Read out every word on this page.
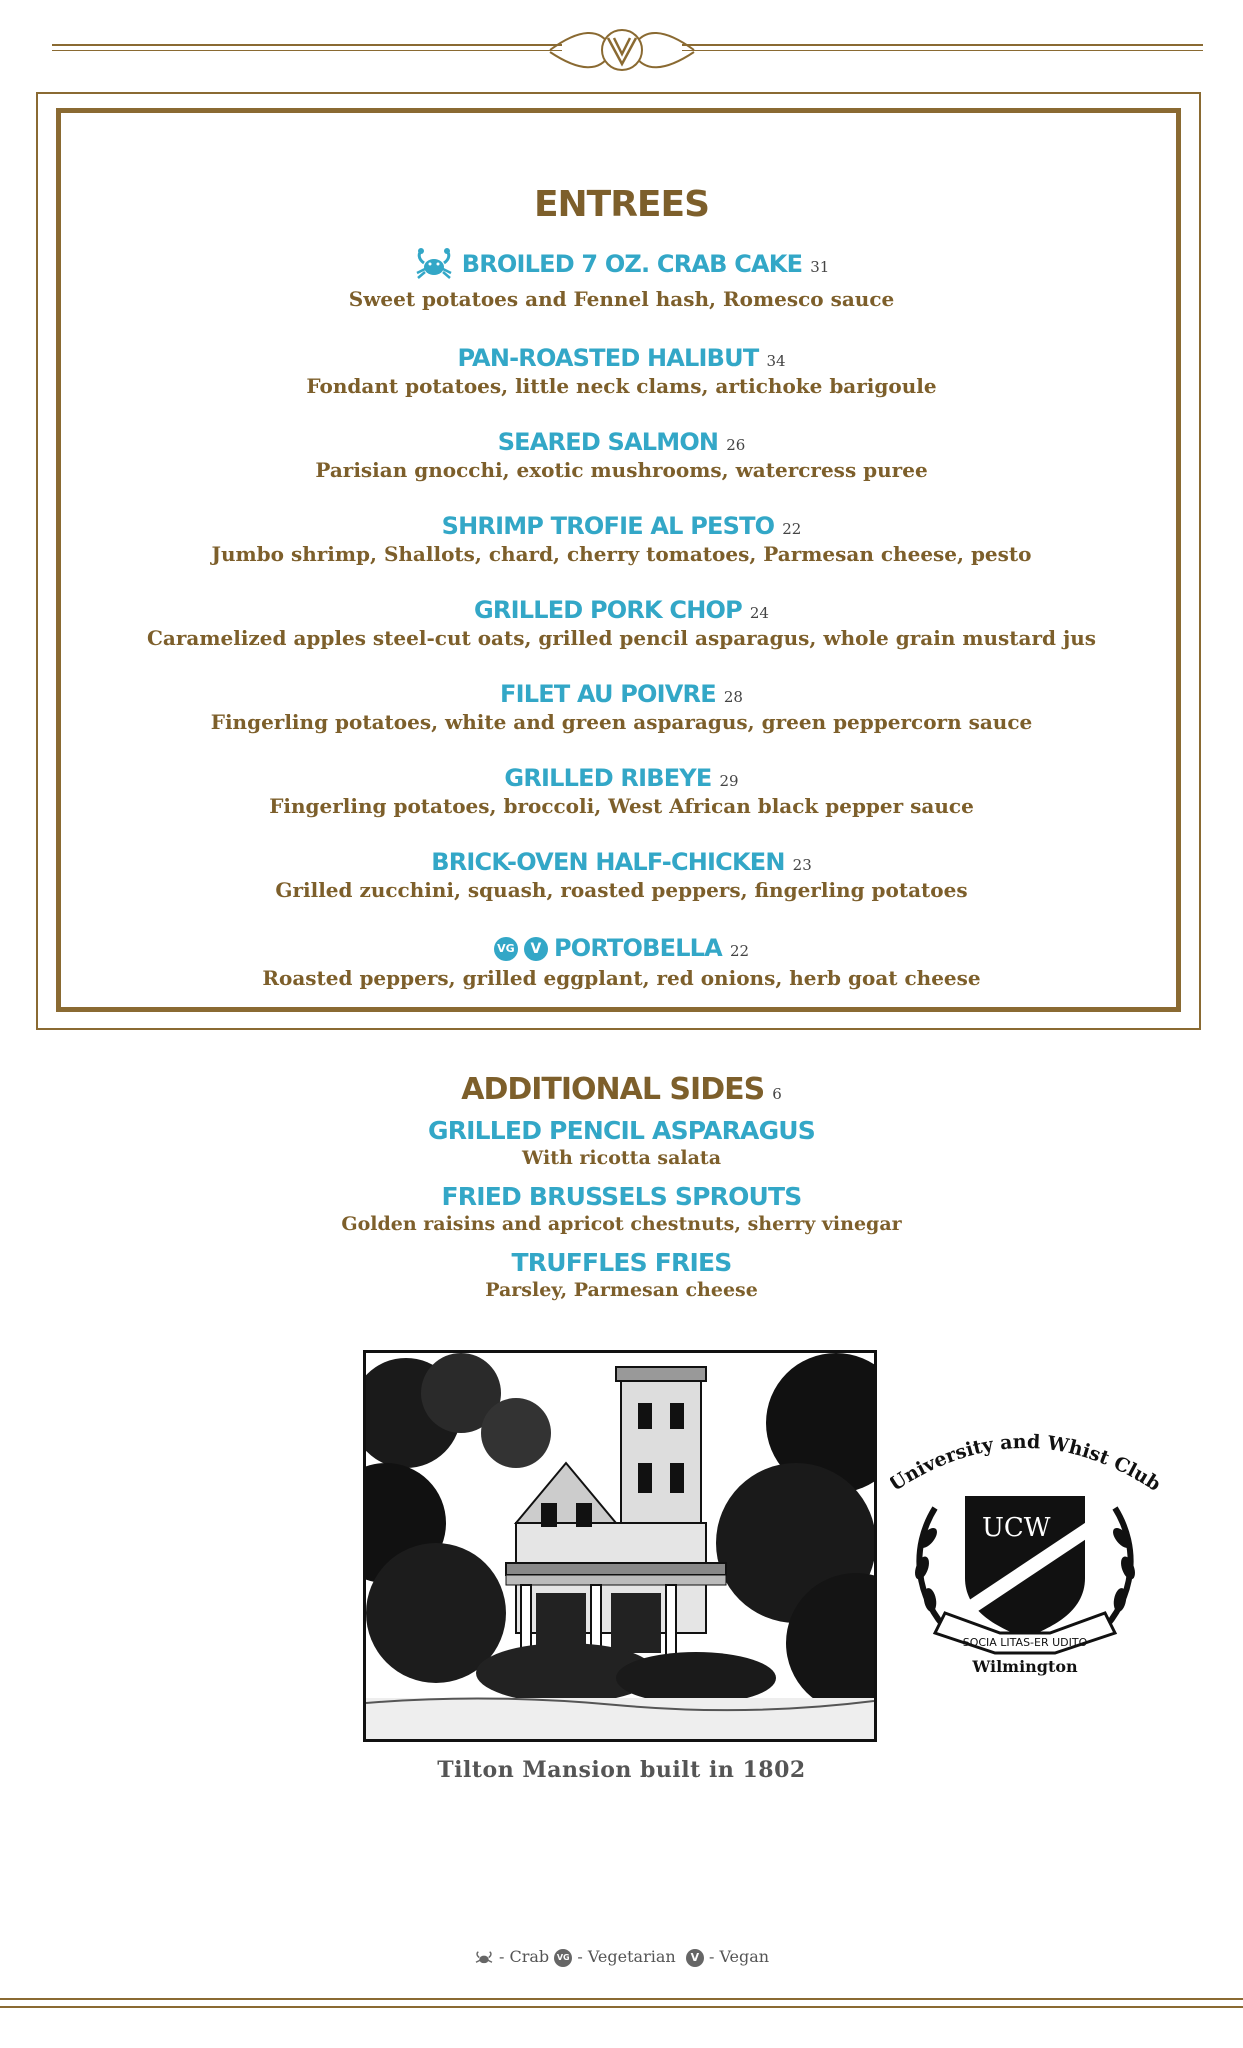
ENTREES
BROILED 7 OZ. CRAB CAKE 31
Sweet potatoes and Fennel hash, Romesco sauce
PAN-ROASTED HALIBUT 34
Fondant potatoes, little neck clams, artichoke barigoule
SEARED SALMON 26
Parisian gnocchi, exotic mushrooms, watercress puree
SHRIMP TROFIE AL PESTO 22
Jumbo shrimp, Shallots, chard, cherry tomatoes, Parmesan cheese, pesto
GRILLED PORK CHOP 24
Caramelized apples steel-cut oats, grilled pencil asparagus, whole grain mustard jus
FILET AU POIVRE 28
Fingerling potatoes, white and green asparagus, green peppercorn sauce
GRILLED RIBEYE 29
Fingerling potatoes, broccoli, West African black pepper sauce
BRICK-OVEN HALF-CHICKEN 23
Grilled zucchini, squash, roasted peppers, fingerling potatoes
VG V PORTOBELLA 22
Roasted peppers, grilled eggplant, red onions, herb goat cheese
ADDITIONAL SIDES 6
GRILLED PENCIL ASPARAGUS
With ricotta salata
FRIED BRUSSELS SPROUTS
Golden raisins and apricot chestnuts, sherry vinegar
TRUFFLES FRIES
Parsley, Parmesan cheese
Tilton Mansion built in 1802
niversity and Whist Clu
UCW
SOCIA LITAS-ER UDITO
Wilmington
- Crab VG - Vegetarian V - Vegan
